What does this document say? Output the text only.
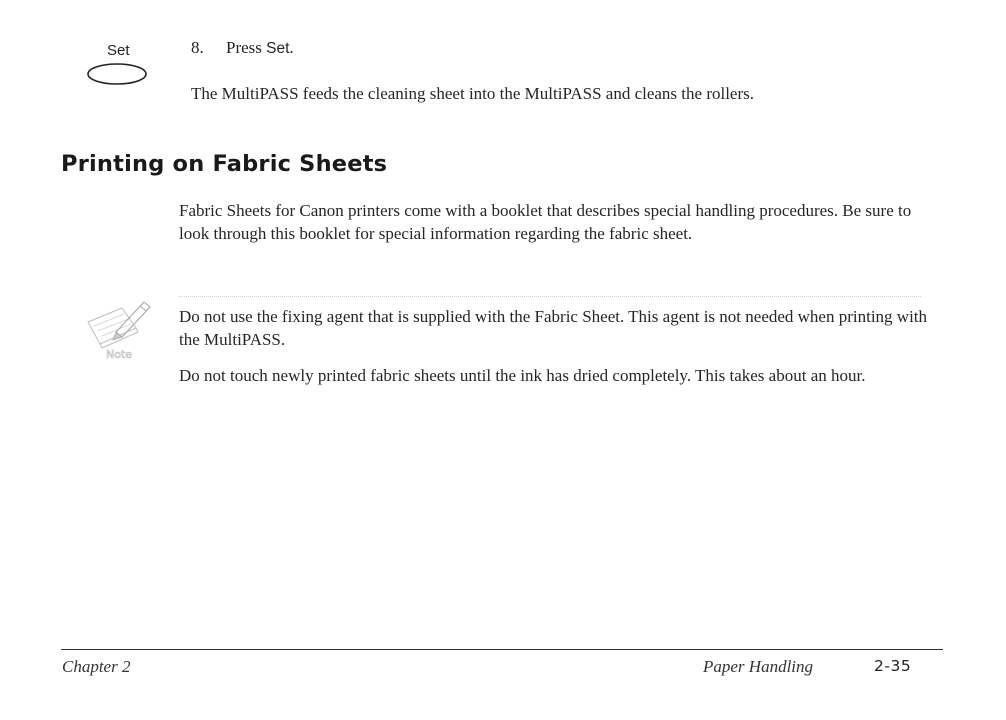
Set	8. Press Set.
The MultiPASS feeds the cleaning sheet into the MultiPASS and cleans the rollers.
Printing on Fabric Sheets

Fabric Sheets for Canon printers come with a booklet that describes special handling procedures. Be sure to look through this booklet for special information regarding the fabric sheet.

Note

Do not use the fixing agent that is supplied with the Fabric Sheet. This agent is not needed when printing with the MultiPASS.

Do not touch newly printed fabric sheets until the ink has dried completely. This takes about an hour.

Chapter 2	Paper Handling	2-35
